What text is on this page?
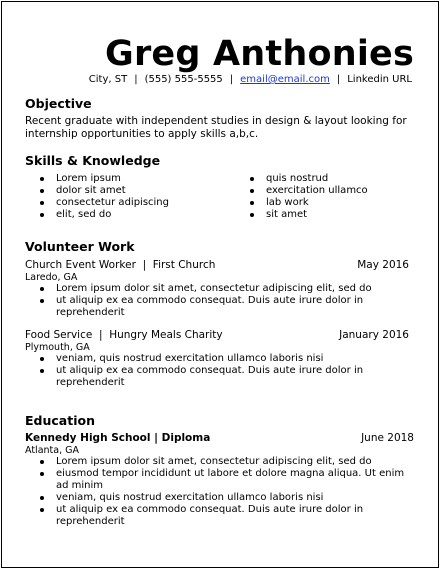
Greg Anthonies
City, ST | (555) 555-5555 | email@email.com | Linkedin URL
Objective
Recent graduate with independent studies in design & layout looking for internship opportunities to apply skills a,b,c.
Skills & Knowledge
Lorem ipsum
dolor sit amet
consectetur adipiscing
elit, sed do
quis nostrud
exercitation ullamco
lab work
sit amet
Volunteer Work
Church Event Worker  |  First Church	May 2016
Laredo, GA
Lorem ipsum dolor sit amet, consectetur adipiscing elit, sed do
ut aliquip ex ea commodo consequat. Duis aute irure dolor in reprehenderit
Food Service  |  Hungry Meals Charity	January 2016
Plymouth, GA
veniam, quis nostrud exercitation ullamco laboris nisi
ut aliquip ex ea commodo consequat. Duis aute irure dolor in reprehenderit
Education
Kennedy High School | Diploma	June 2018
Atlanta, GA
Lorem ipsum dolor sit amet, consectetur adipiscing elit, sed do
eiusmod tempor incididunt ut labore et dolore magna aliqua. Ut enim ad minim
veniam, quis nostrud exercitation ullamco laboris nisi
ut aliquip ex ea commodo consequat. Duis aute irure dolor in reprehenderit
